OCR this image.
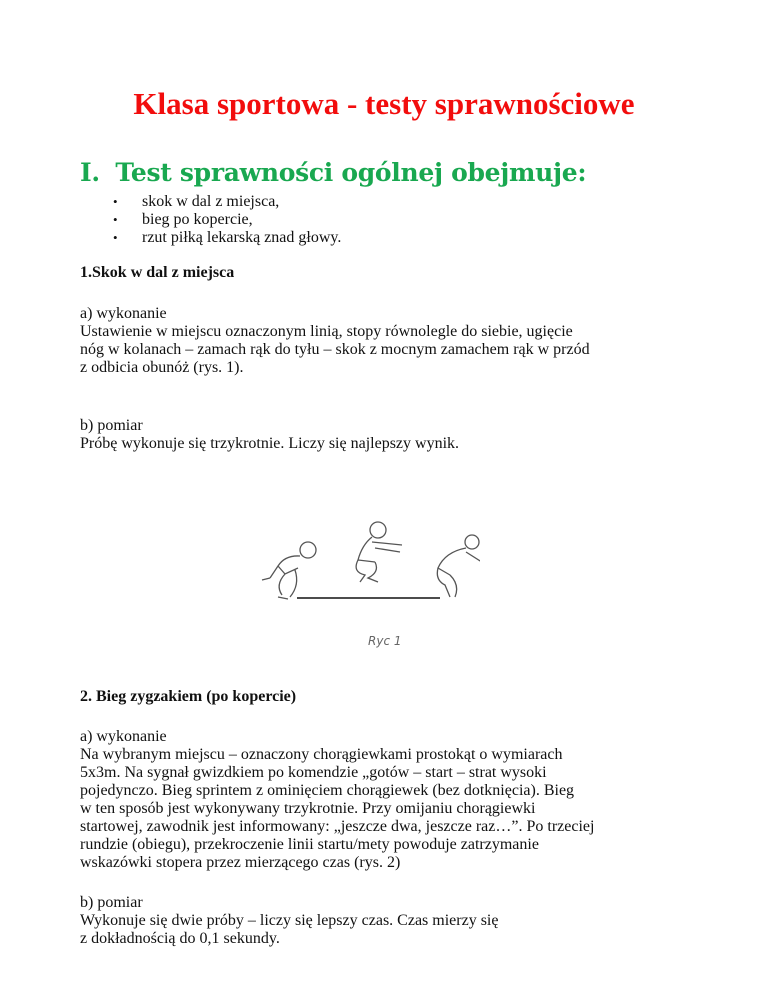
Klasa sportowa - testy sprawnościowe
I. Test sprawności ogólnej obejmuje:
• skok w dal z miejsca,
• bieg po kopercie,
• rzut piłką lekarską znad głowy.

1.Skok w dal z miejsca

a) wykonanie

Ustawienie w miejscu oznaczonym linią, stopy równolegle do siebie, ugięcie

nóg w kolanach – zamach rąk do tyłu – skok z mocnym zamachem rąk w przód

z odbicia obunóż (rys. 1).

b) pomiar

Próbę wykonuje się trzykrotnie. Liczy się najlepszy wynik.

Ryc 1

2. Bieg zygzakiem (po kopercie)

a) wykonanie

Na wybranym miejscu – oznaczony chorągiewkami prostokąt o wymiarach

5x3m. Na sygnał gwizdkiem po komendzie „gotów – start – strat wysoki

pojedynczo. Bieg sprintem z ominięciem chorągiewek (bez dotknięcia). Bieg

w ten sposób jest wykonywany trzykrotnie. Przy omijaniu chorągiewki

startowej, zawodnik jest informowany: „jeszcze dwa, jeszcze raz…”. Po trzeciej

rundzie (obiegu), przekroczenie linii startu/mety powoduje zatrzymanie

wskazówki stopera przez mierzącego czas (rys. 2)

b) pomiar

Wykonuje się dwie próby – liczy się lepszy czas. Czas mierzy się

z dokładnością do 0,1 sekundy.
